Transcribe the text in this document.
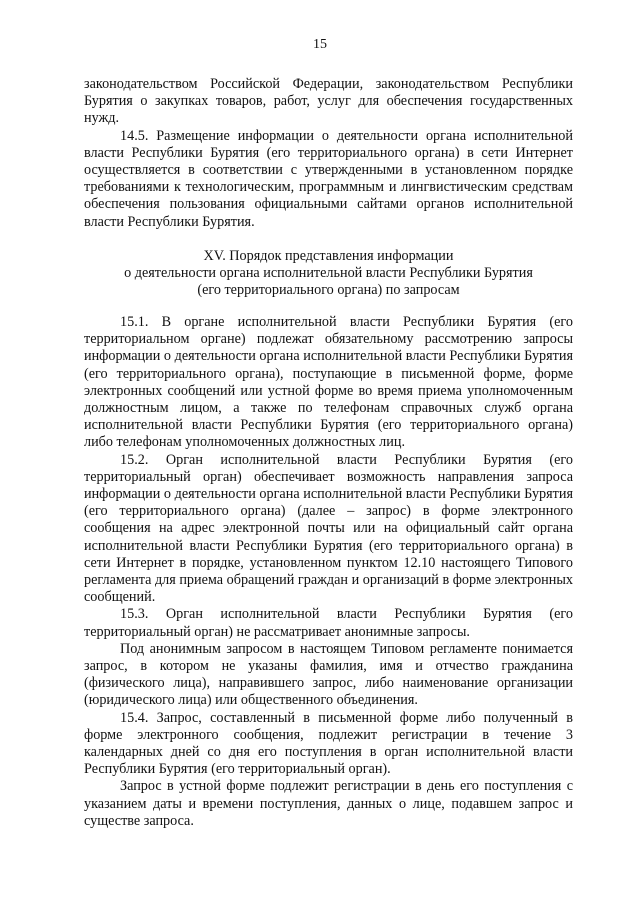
15

законодательством Российской Федерации, законодательством Республики Бурятия о закупках товаров, работ, услуг для обеспечения государственных нужд.

14.5. Размещение информации о деятельности органа исполнительной власти Республики Бурятия (его территориального органа) в сети Интернет осуществляется в соответствии с утвержденными в установленном порядке требованиями к технологическим, программным и лингвистическим средствам обеспечения пользования официальными сайтами органов исполнительной власти Республики Бурятия.

XV. Порядок представления информации

о деятельности органа исполнительной власти Республики Бурятия

(его территориального органа) по запросам

15.1. В органе исполнительной власти Республики Бурятия (его территориальном органе) подлежат обязательному рассмотрению запросы информации о деятельности органа исполнительной власти Республики Бурятия (его территориального органа), поступающие в письменной форме, форме электронных сообщений или устной форме во время приема уполномоченным должностным лицом, а также по телефонам справочных служб органа исполнительной власти Республики Бурятия (его территориального органа) либо телефонам уполномоченных должностных лиц.

15.2. Орган исполнительной власти Республики Бурятия (его территориальный орган) обеспечивает возможность направления запроса информации о деятельности органа исполнительной власти Республики Бурятия (его территориального органа) (далее – запрос) в форме электронного сообщения на адрес электронной почты или на официальный сайт органа исполнительной власти Республики Бурятия (его территориального органа) в сети Интернет в порядке, установленном пунктом 12.10 настоящего Типового регламента для приема обращений граждан и организаций в форме электронных сообщений.

15.3. Орган исполнительной власти Республики Бурятия (его территориальный орган) не рассматривает анонимные запросы.

Под анонимным запросом в настоящем Типовом регламенте понимается запрос, в котором не указаны фамилия, имя и отчество гражданина (физического лица), направившего запрос, либо наименование организации (юридического лица) или общественного объединения.

15.4. Запрос, составленный в письменной форме либо полученный в форме электронного сообщения, подлежит регистрации в течение 3 календарных дней со дня его поступления в орган исполнительной власти Республики Бурятия (его территориальный орган).

Запрос в устной форме подлежит регистрации в день его поступления с указанием даты и времени поступления, данных о лице, подавшем запрос и существе запроса.
